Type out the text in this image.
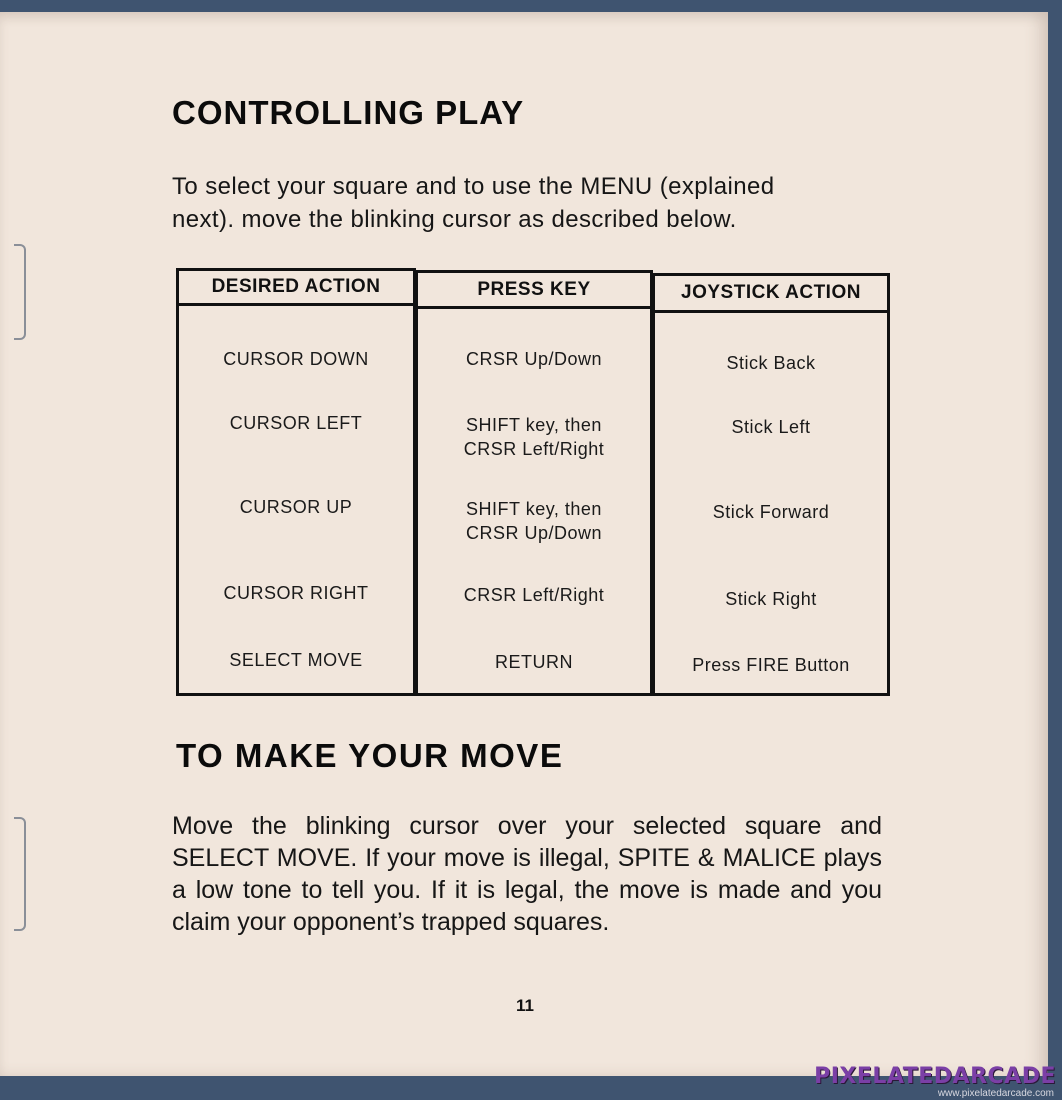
CONTROLLING PLAY
To select your square and to use the MENU (explained
next). move the blinking cursor as described below.
DESIRED ACTION
CURSOR DOWN
CURSOR LEFT
CURSOR UP
CURSOR RIGHT
SELECT MOVE
PRESS KEY
CRSR Up/Down
SHIFT key, then
CRSR Left/Right
SHIFT key, then
CRSR Up/Down
CRSR Left/Right
RETURN
JOYSTICK ACTION
Stick Back
Stick Left
Stick Forward
Stick Right
Press FIRE Button
TO MAKE YOUR MOVE
Move the blinking cursor over your selected square and SELECT MOVE. If your move is illegal, SPITE & MALICE plays a low tone to tell you. If it is legal, the move is made and you claim your opponent’s trapped squares.
11
PIXELATEDARCADE
www.pixelatedarcade.com
